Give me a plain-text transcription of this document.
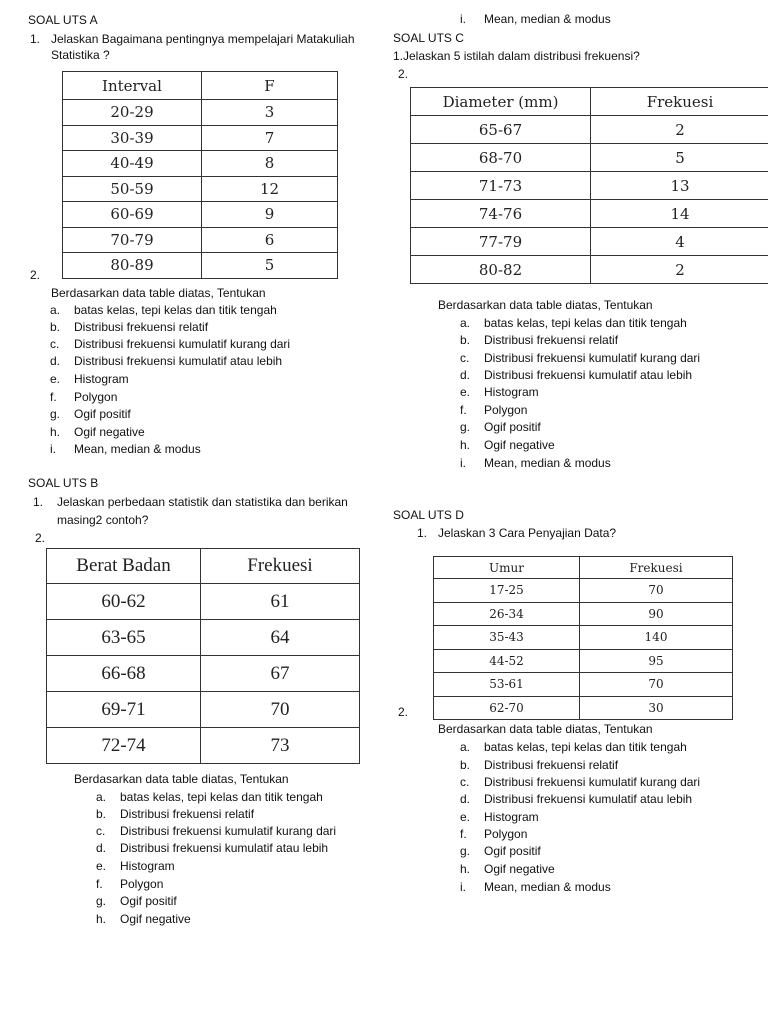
SOAL UTS A
1. Jelaskan Bagaimana pentingnya mempelajari Matakuliah
Statistika ?
Interval	F
20-29	3
30-39	7
40-49	8
50-59	12
60-69	9
70-79	6
80-89	5
2.
Berdasarkan data table diatas, Tentukan
a. batas kelas, tepi kelas dan titik tengah
b. Distribusi frekuensi relatif
c. Distribusi frekuensi kumulatif kurang dari
d. Distribusi frekuensi kumulatif atau lebih
e. Histogram
f. Polygon
g. Ogif positif
h. Ogif negative
i. Mean, median & modus
SOAL UTS B
1. Jelaskan perbedaan statistik dan statistika dan berikan
masing2 contoh?
2.
Berat Badan	Frekuesi
60-62	61
63-65	64
66-68	67
69-71	70
72-74	73
Berdasarkan data table diatas, Tentukan
a. batas kelas, tepi kelas dan titik tengah
b. Distribusi frekuensi relatif
c. Distribusi frekuensi kumulatif kurang dari
d. Distribusi frekuensi kumulatif atau lebih
e. Histogram
f. Polygon
g. Ogif positif
h. Ogif negative
i. Mean, median & modus
SOAL UTS C
1.Jelaskan 5 istilah dalam distribusi frekuensi?
2.
Diameter (mm)	Frekuesi
65-67	2
68-70	5
71-73	13
74-76	14
77-79	4
80-82	2
Berdasarkan data table diatas, Tentukan
a. batas kelas, tepi kelas dan titik tengah
b. Distribusi frekuensi relatif
c. Distribusi frekuensi kumulatif kurang dari
d. Distribusi frekuensi kumulatif atau lebih
e. Histogram
f. Polygon
g. Ogif positif
h. Ogif negative
i. Mean, median & modus
SOAL UTS D
1. Jelaskan 3 Cara Penyajian Data?
Umur	Frekuesi
17-25	70
26-34	90
35-43	140
44-52	95
53-61	70
62-70	30
2.
Berdasarkan data table diatas, Tentukan
a. batas kelas, tepi kelas dan titik tengah
b. Distribusi frekuensi relatif
c. Distribusi frekuensi kumulatif kurang dari
d. Distribusi frekuensi kumulatif atau lebih
e. Histogram
f. Polygon
g. Ogif positif
h. Ogif negative
i. Mean, median & modus
